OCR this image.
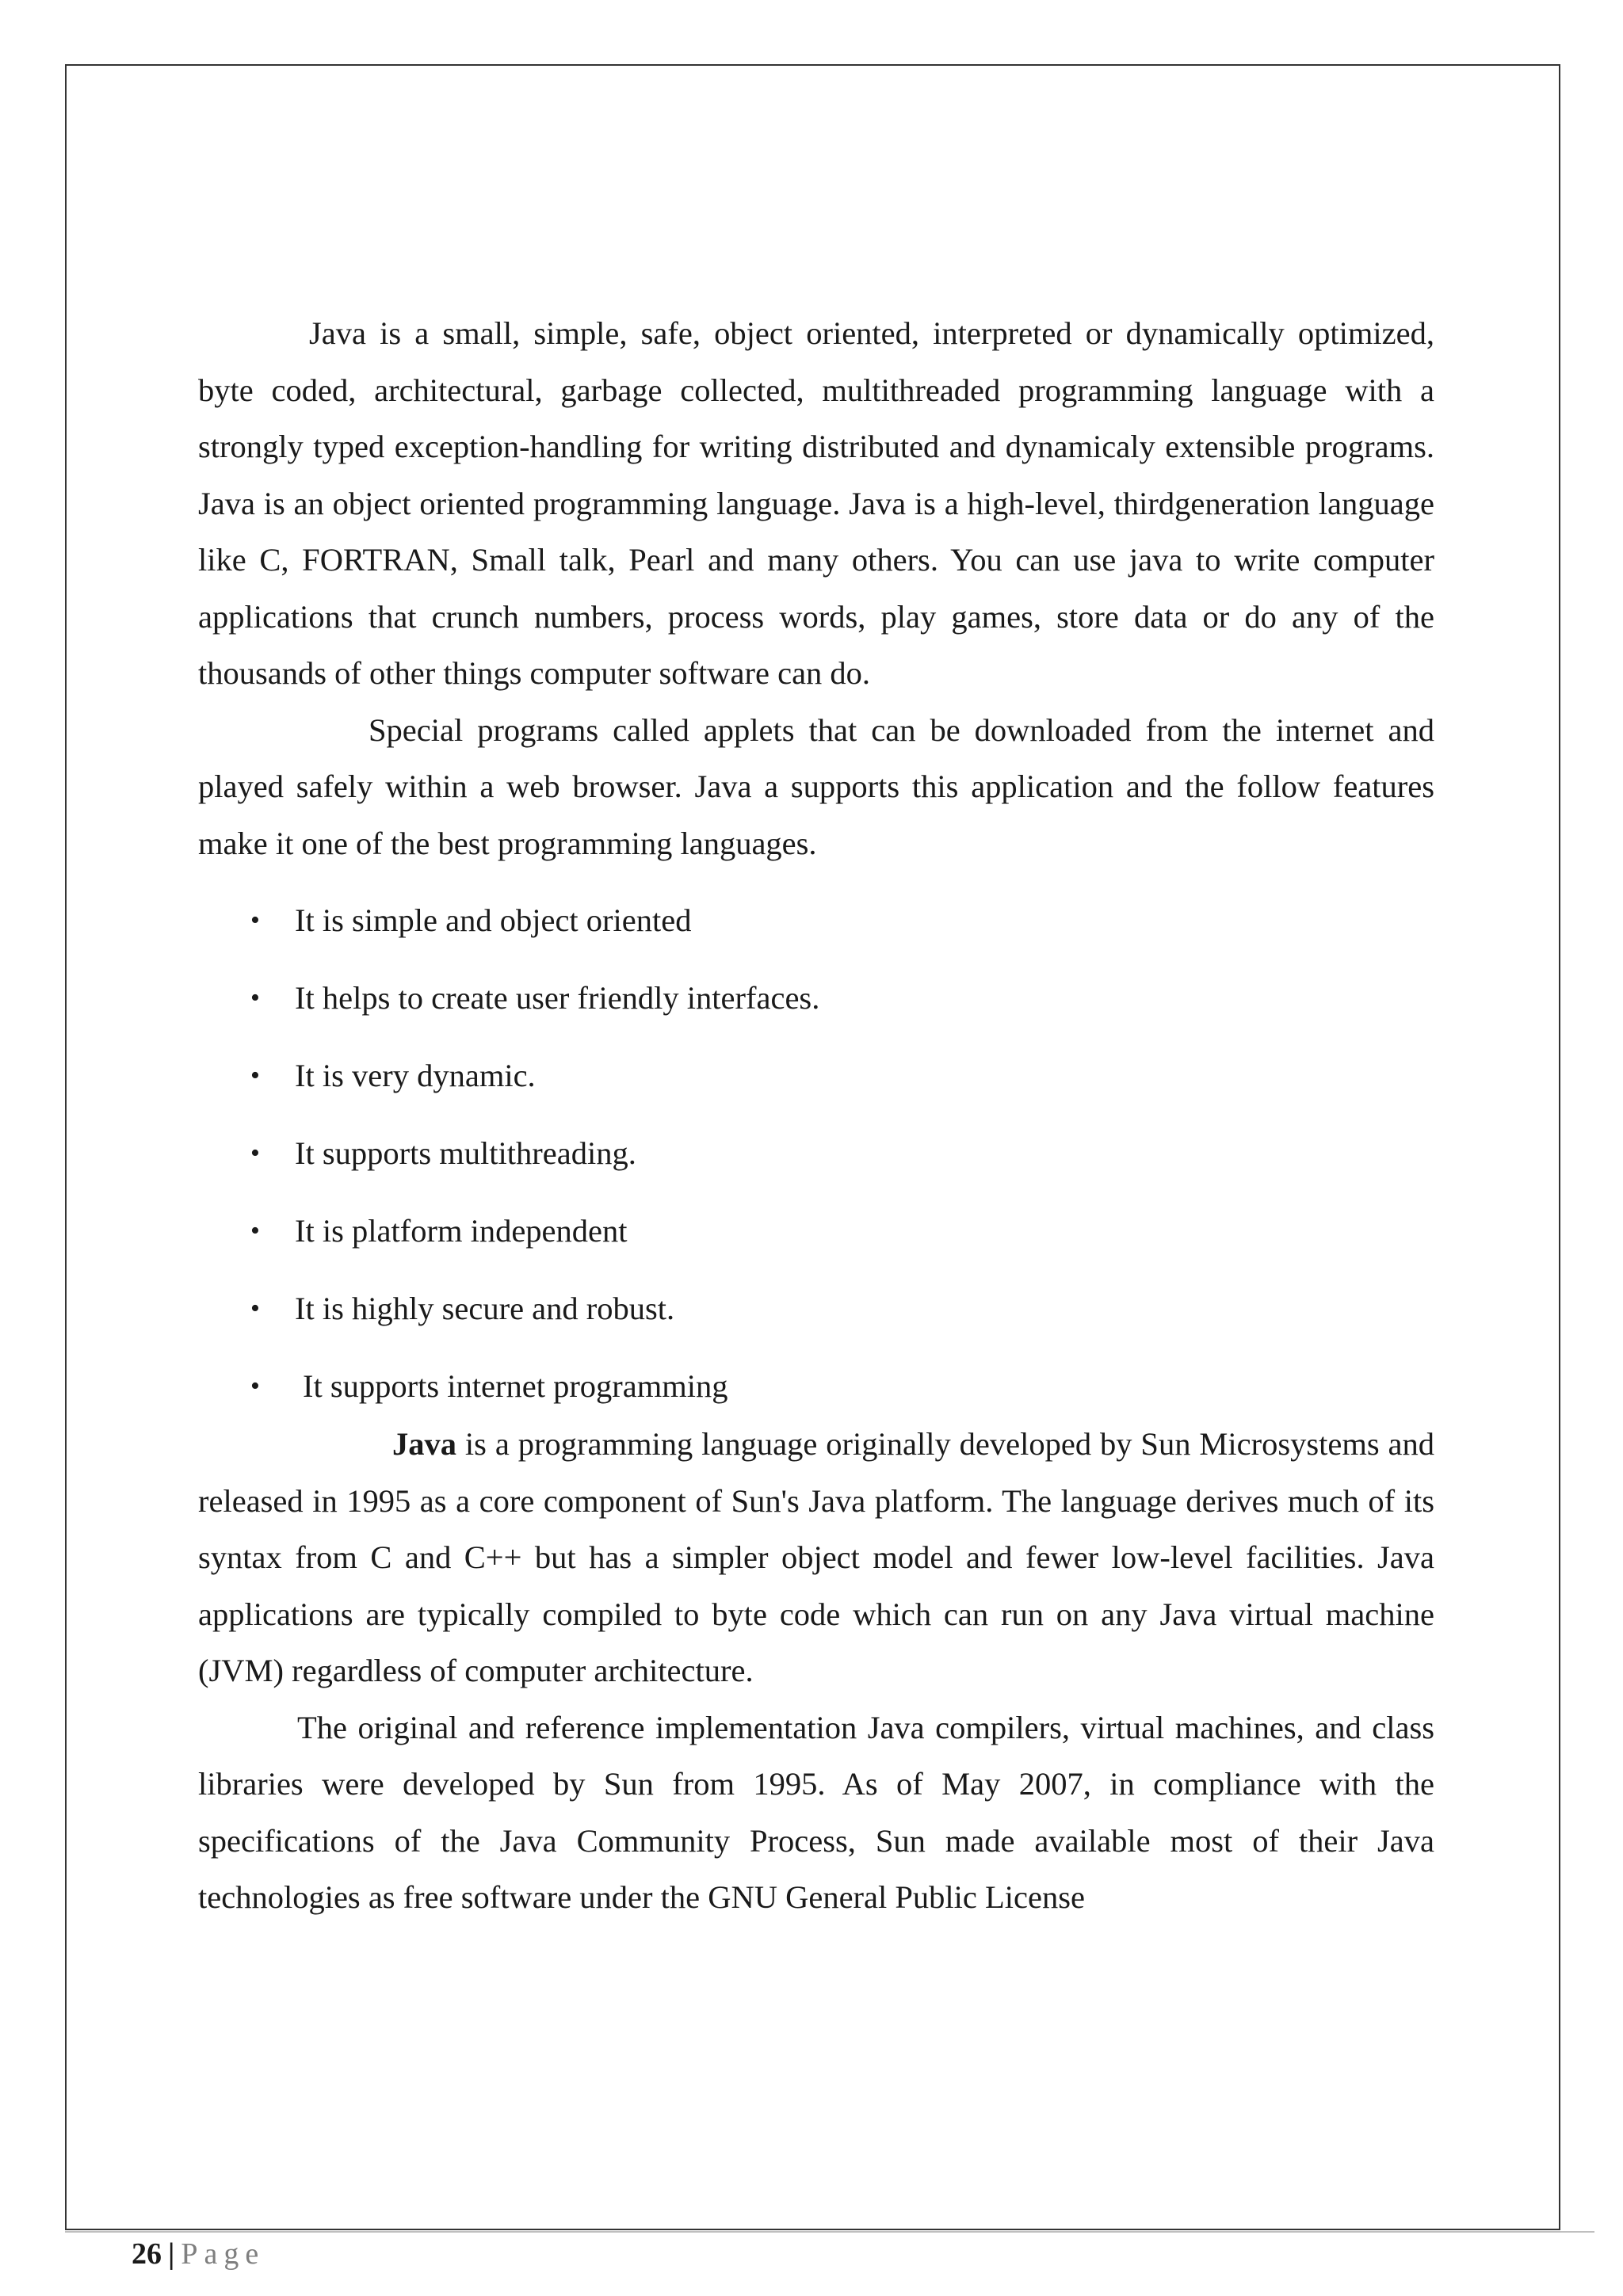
Java is a small, simple, safe, object oriented, interpreted or dynamically optimized, byte coded, architectural, garbage collected, multithreaded programming language with a strongly typed exception-handling for writing distributed and dynamicaly extensible programs. Java is an object oriented programming language. Java is a high-level, thirdgeneration language like C, FORTRAN, Small talk, Pearl and many others. You can use java to write computer applications that crunch numbers, process words, play games, store data or do any of the thousands of other things computer software can do.

Special programs called applets that can be downloaded from the internet and played safely within a web browser. Java a supports this application and the follow features make it one of the best programming languages.

• It is simple and object oriented
• It helps to create user friendly interfaces.
• It is very dynamic.
• It supports multithreading.
• It is platform independent
• It is highly secure and robust.
• It supports internet programming

Java is a programming language originally developed by Sun Microsystems and released in 1995 as a core component of Sun's Java platform. The language derives much of its syntax from C and C++ but has a simpler object model and fewer low-level facilities. Java applications are typically compiled to byte code which can run on any Java virtual machine (JVM) regardless of computer architecture.

The original and reference implementation Java compilers, virtual machines, and class libraries were developed by Sun from 1995. As of May 2007, in compliance with the specifications of the Java Community Process, Sun made available most of their Java technologies as free software under the GNU General Public License

26 | Page
